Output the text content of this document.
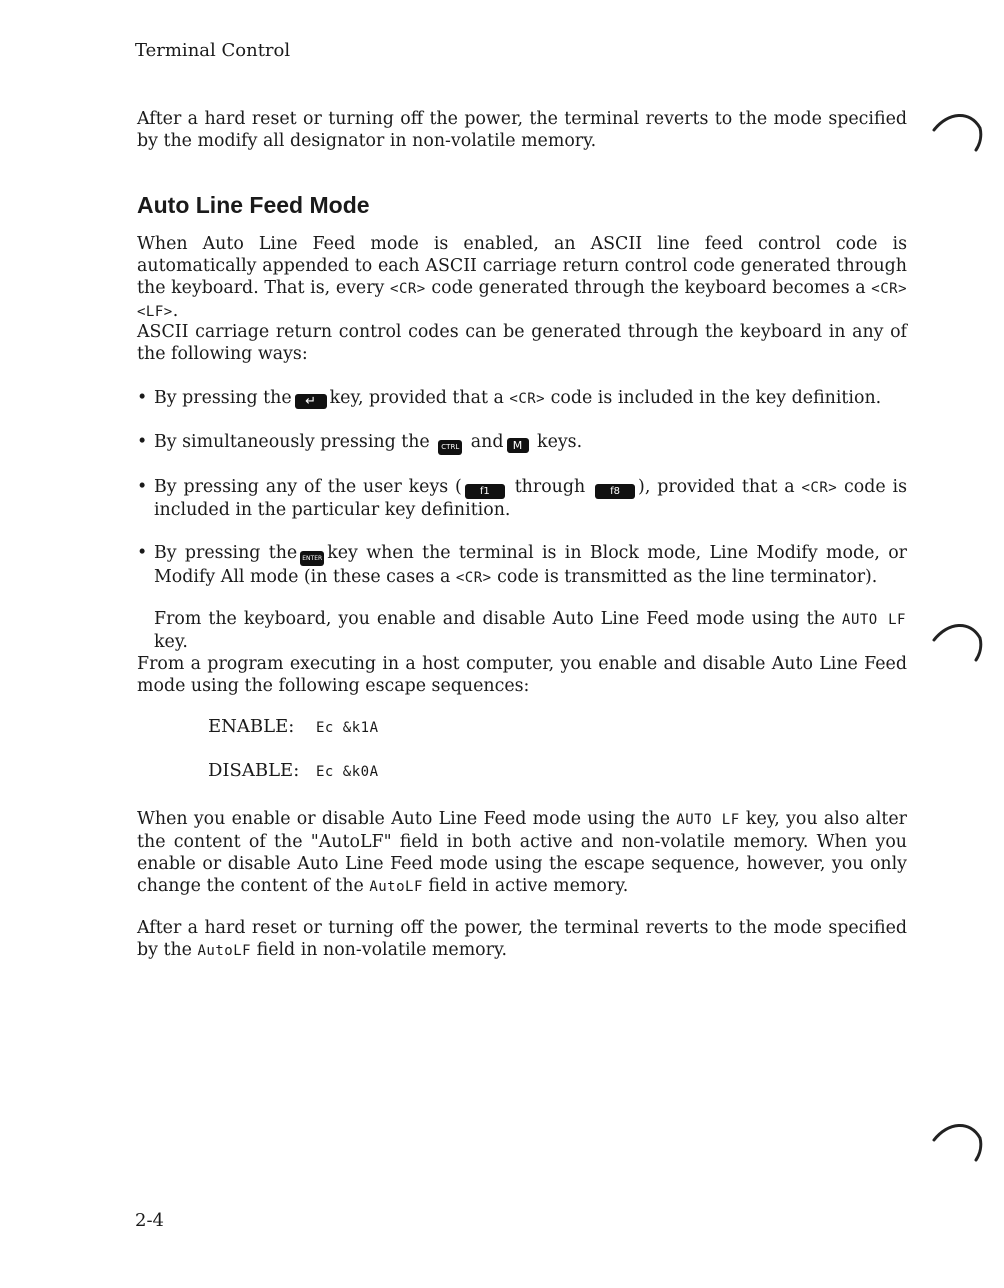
Terminal Control

After a hard reset or turning off the power, the terminal reverts to the mode specified by the modify all designator in non-volatile memory.

Auto Line Feed Mode

When Auto Line Feed mode is enabled, an ASCII line feed control code is automatically appended to each ASCII carriage return control code generated through the keyboard. That is, every <CR> code generated through the keyboard becomes a <CR> <LF>.

ASCII carriage return control codes can be generated through the keyboard in any of the following ways:

• By pressing the ↵ key, provided that a <CR> code is included in the key definition.
• By simultaneously pressing the CTRL and M keys.
• By pressing any of the user keys ( f1 through f8 ), provided that a <CR> code is included in the particular key definition.
• By pressing the ENTER key when the terminal is in Block mode, Line Modify mode, or Modify All mode (in these cases a <CR> code is transmitted as the line terminator).

From the keyboard, you enable and disable Auto Line Feed mode using the AUTO LF key.

From a program executing in a host computer, you enable and disable Auto Line Feed mode using the following escape sequences:

ENABLE: Ec &k1A
DISABLE: Ec &k0A

When you enable or disable Auto Line Feed mode using the AUTO LF key, you also alter the content of the "AutoLF" field in both active and non-volatile memory. When you enable or disable Auto Line Feed mode using the escape sequence, however, you only change the content of the AutoLF field in active memory.

After a hard reset or turning off the power, the terminal reverts to the mode specified by the AutoLF field in non-volatile memory.

2-4
